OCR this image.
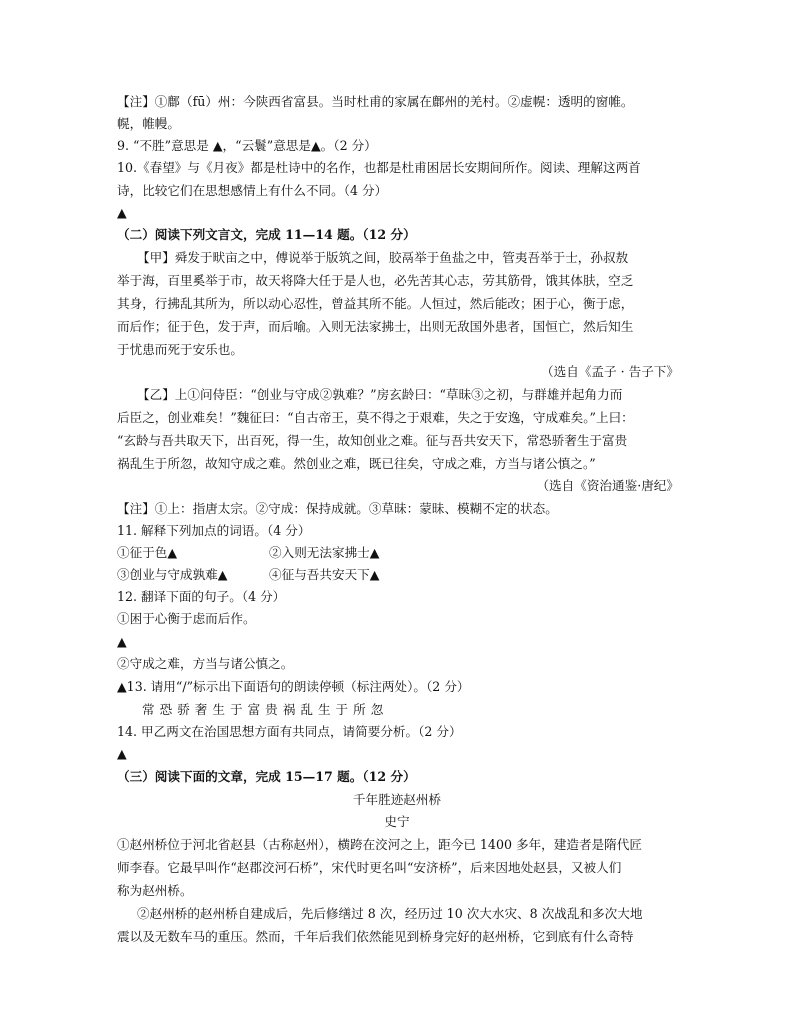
【注】①鄜（fū）州：今陕西省富县。当时杜甫的家属在鄜州的羌村。②虚幌：透明的窗帷。
幌，帷幔。
9. “不胜”意思是 ▲，“云鬟”意思是▲。（2 分）
10.《春望》与《月夜》都是杜诗中的名作，也都是杜甫困居长安期间所作。阅读、理解这两首
诗，比较它们在思想感情上有什么不同。（4 分）
▲
（二）阅读下列文言文，完成 11—14 题。（12 分）
【甲】舜发于畎亩之中，傅说举于版筑之间，胶鬲举于鱼盐之中，管夷吾举于士，孙叔敖
举于海，百里奚举于市，故天将降大任于是人也，必先苦其心志，劳其筋骨，饿其体肤，空乏
其身，行拂乱其所为，所以动心忍性，曾益其所不能。人恒过，然后能改；困于心，衡于虑，
而后作；征于色，发于声，而后喻。入则无法家拂士，出则无敌国外患者，国恒亡，然后知生
于忧患而死于安乐也。
（选自《孟子 · 告子下》
【乙】上①问侍臣：“创业与守成②孰难？”房玄龄曰：“草昧③之初，与群雄并起角力而
后臣之，创业难矣！”魏征曰：“自古帝王，莫不得之于艰难，失之于安逸，守成难矣。”上曰：
“玄龄与吾共取天下，出百死，得一生，故知创业之难。征与吾共安天下，常恐骄奢生于富贵
祸乱生于所忽，故知守成之难。然创业之难，既已往矣，守成之难，方当与诸公慎之。”
（选自《资治通鉴·唐纪》
【注】①上：指唐太宗。②守成：保持成就。③草昧：蒙昧、模糊不定的状态。
11. 解释下列加点的词语。（4 分）
①征于色▲	②入则无法家拂士▲
③创业与守成孰难▲	④征与吾共安天下▲
12. 翻译下面的句子。（4 分）
①困于心衡于虑而后作。
▲
②守成之难，方当与诸公慎之。
▲13. 请用“/”标示出下面语句的朗读停顿（标注两处）。（2 分）
常恐骄奢生于富贵祸乱生于所忽
14. 甲乙两文在治国思想方面有共同点，请简要分析。（2 分）
▲
（三）阅读下面的文章，完成 15—17 题。（12 分）
千年胜迹赵州桥
史宁
①赵州桥位于河北省赵县（古称赵州），横跨在洨河之上，距今已 1400 多年，建造者是隋代匠
师李春。它最早叫作“赵郡洨河石桥”，宋代时更名叫“安济桥”，后来因地处赵县，又被人们
称为赵州桥。
②赵州桥的赵州桥自建成后，先后修缮过 8 次，经历过 10 次大水灾、8 次战乱和多次大地
震以及无数车马的重压。然而，千年后我们依然能见到桥身完好的赵州桥，它到底有什么奇特
